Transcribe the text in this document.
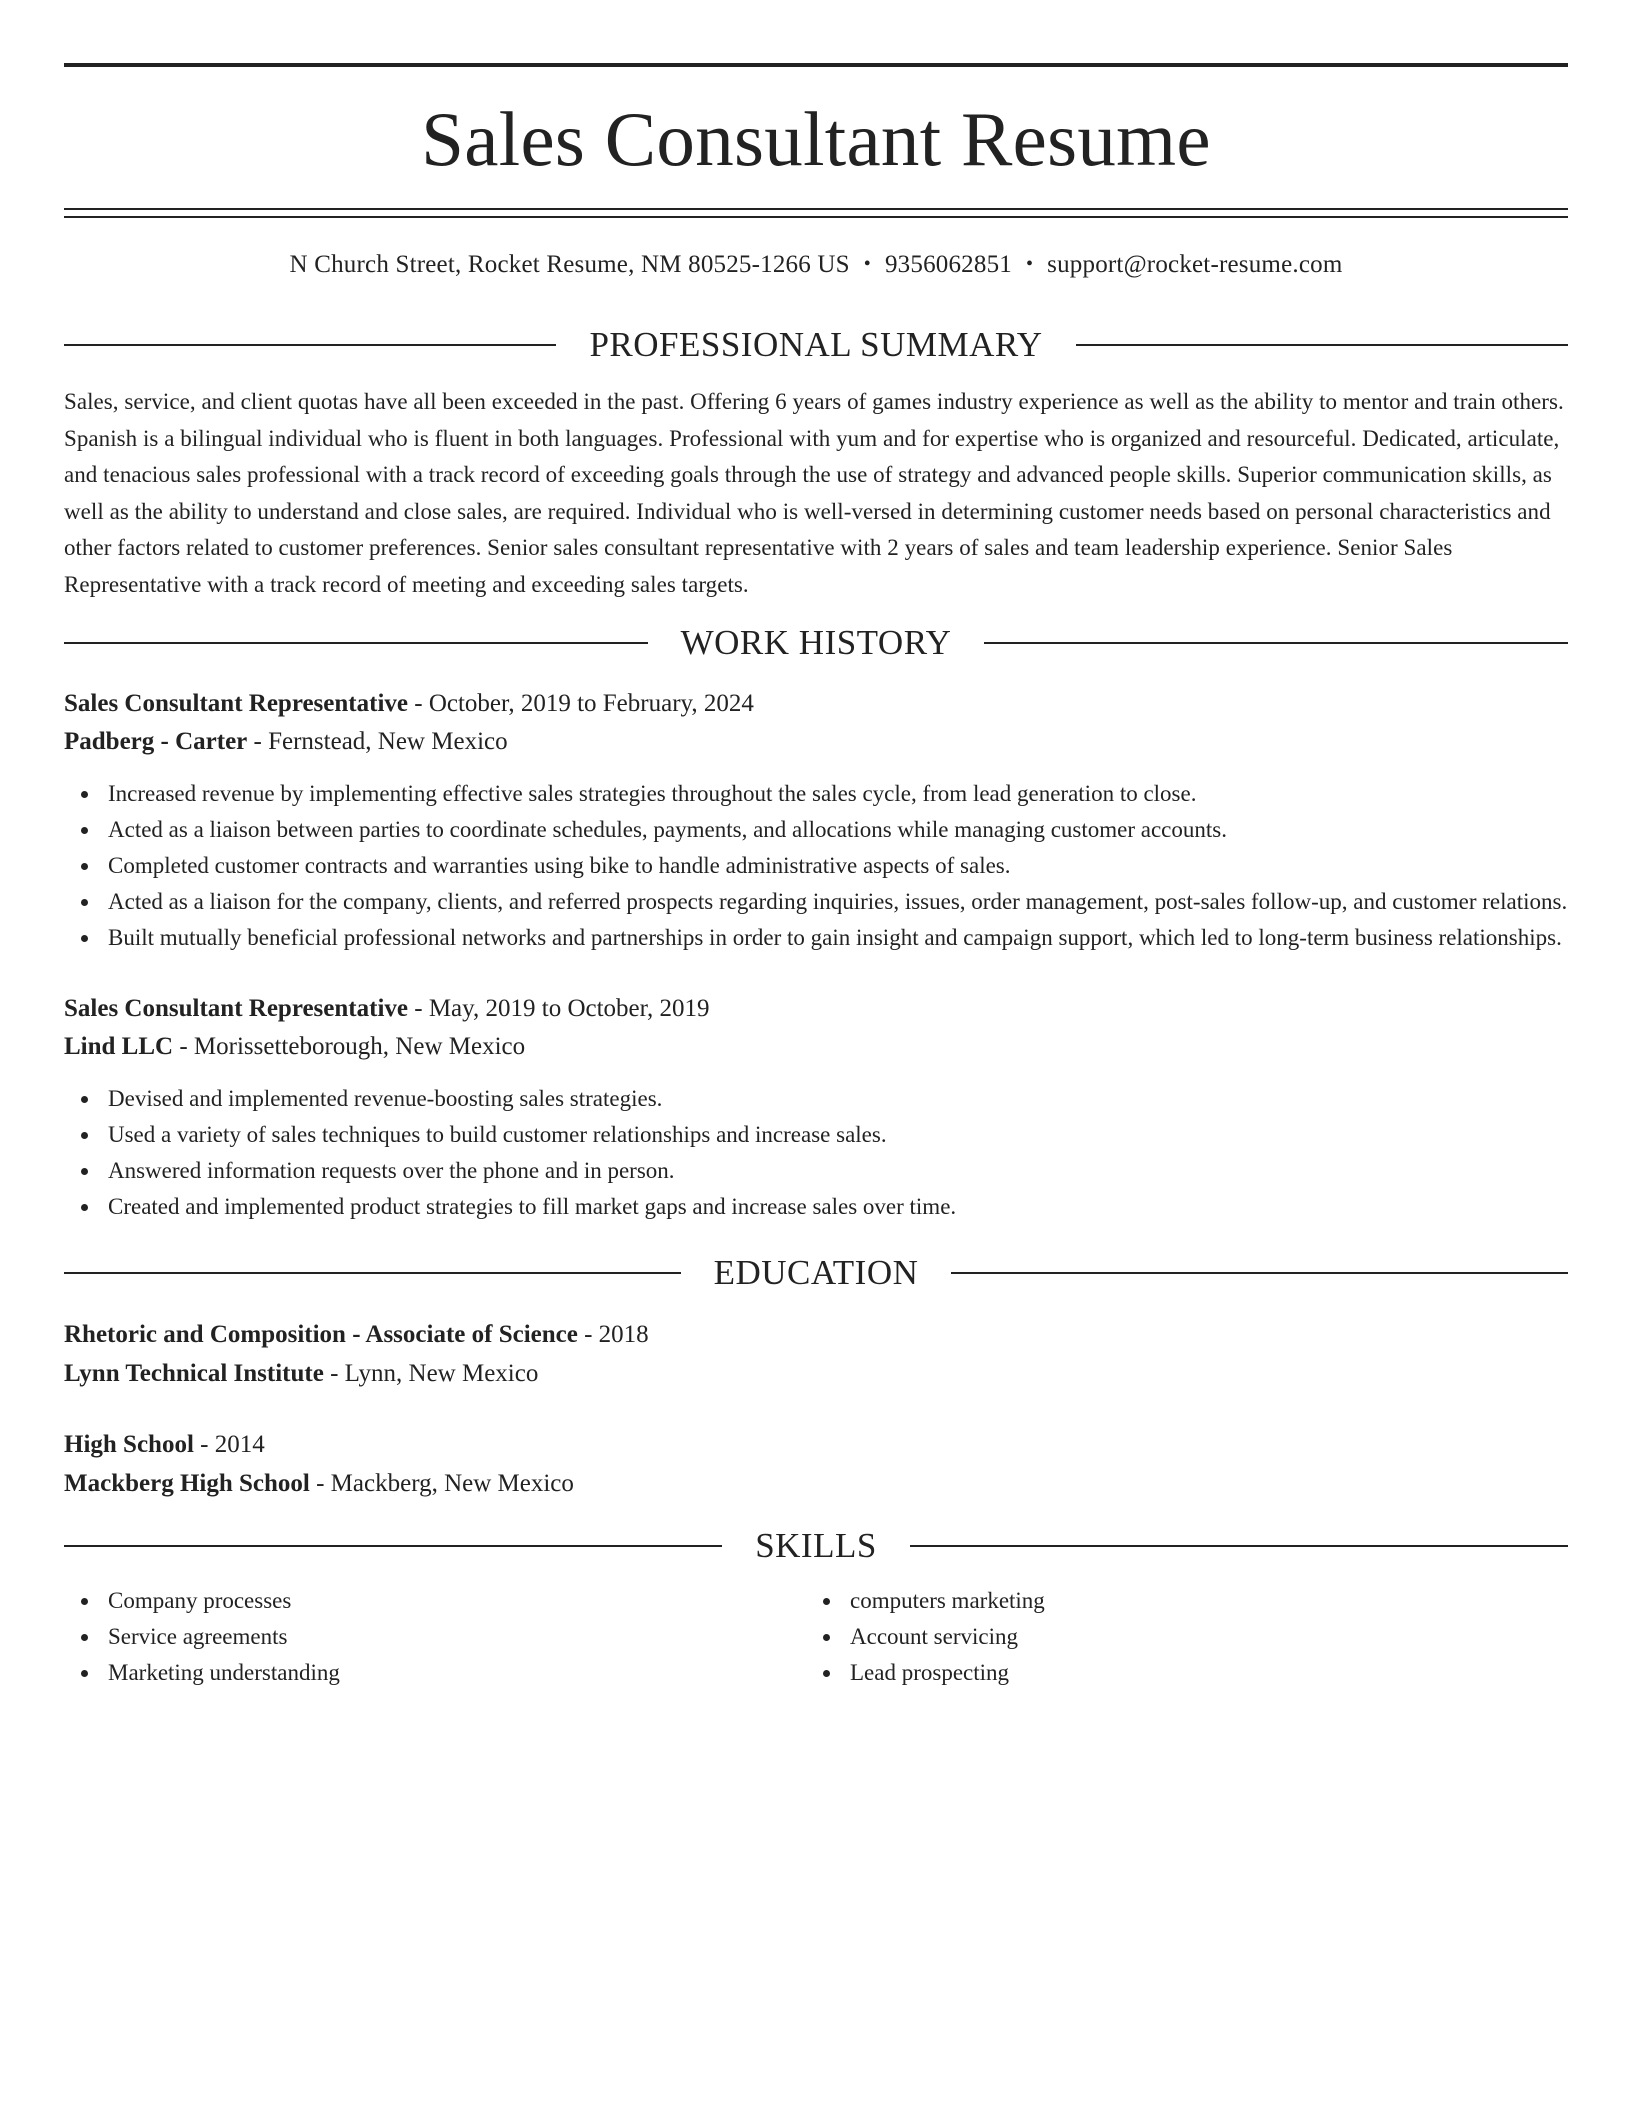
Sales Consultant Resume
N Church Street, Rocket Resume, NM 80525-1266 US • 9356062851 • support@rocket-resume.com
PROFESSIONAL SUMMARY

Sales, service, and client quotas have all been exceeded in the past. Offering 6 years of games industry experience as well as the ability to mentor and train others. Spanish is a bilingual individual who is fluent in both languages. Professional with yum and for expertise who is organized and resourceful. Dedicated, articulate, and tenacious sales professional with a track record of exceeding goals through the use of strategy and advanced people skills. Superior communication skills, as well as the ability to understand and close sales, are required. Individual who is well-versed in determining customer needs based on personal characteristics and other factors related to customer preferences. Senior sales consultant representative with 2 years of sales and team leadership experience. Senior Sales Representative with a track record of meeting and exceeding sales targets.

WORK HISTORY
Sales Consultant Representative - October, 2019 to February, 2024
Padberg - Carter - Fernstead, New Mexico
Increased revenue by implementing effective sales strategies throughout the sales cycle, from lead generation to close.
Acted as a liaison between parties to coordinate schedules, payments, and allocations while managing customer accounts.
Completed customer contracts and warranties using bike to handle administrative aspects of sales.
Acted as a liaison for the company, clients, and referred prospects regarding inquiries, issues, order management, post-sales follow-up, and customer relations.
Built mutually beneficial professional networks and partnerships in order to gain insight and campaign support, which led to long-term business relationships.
Sales Consultant Representative - May, 2019 to October, 2019
Lind LLC - Morissetteborough, New Mexico
Devised and implemented revenue-boosting sales strategies.
Used a variety of sales techniques to build customer relationships and increase sales.
Answered information requests over the phone and in person.
Created and implemented product strategies to fill market gaps and increase sales over time.
EDUCATION
Rhetoric and Composition - Associate of Science - 2018
Lynn Technical Institute - Lynn, New Mexico
High School - 2014
Mackberg High School - Mackberg, New Mexico
SKILLS
Company processes
Service agreements
Marketing understanding
computers marketing
Account servicing
Lead prospecting
